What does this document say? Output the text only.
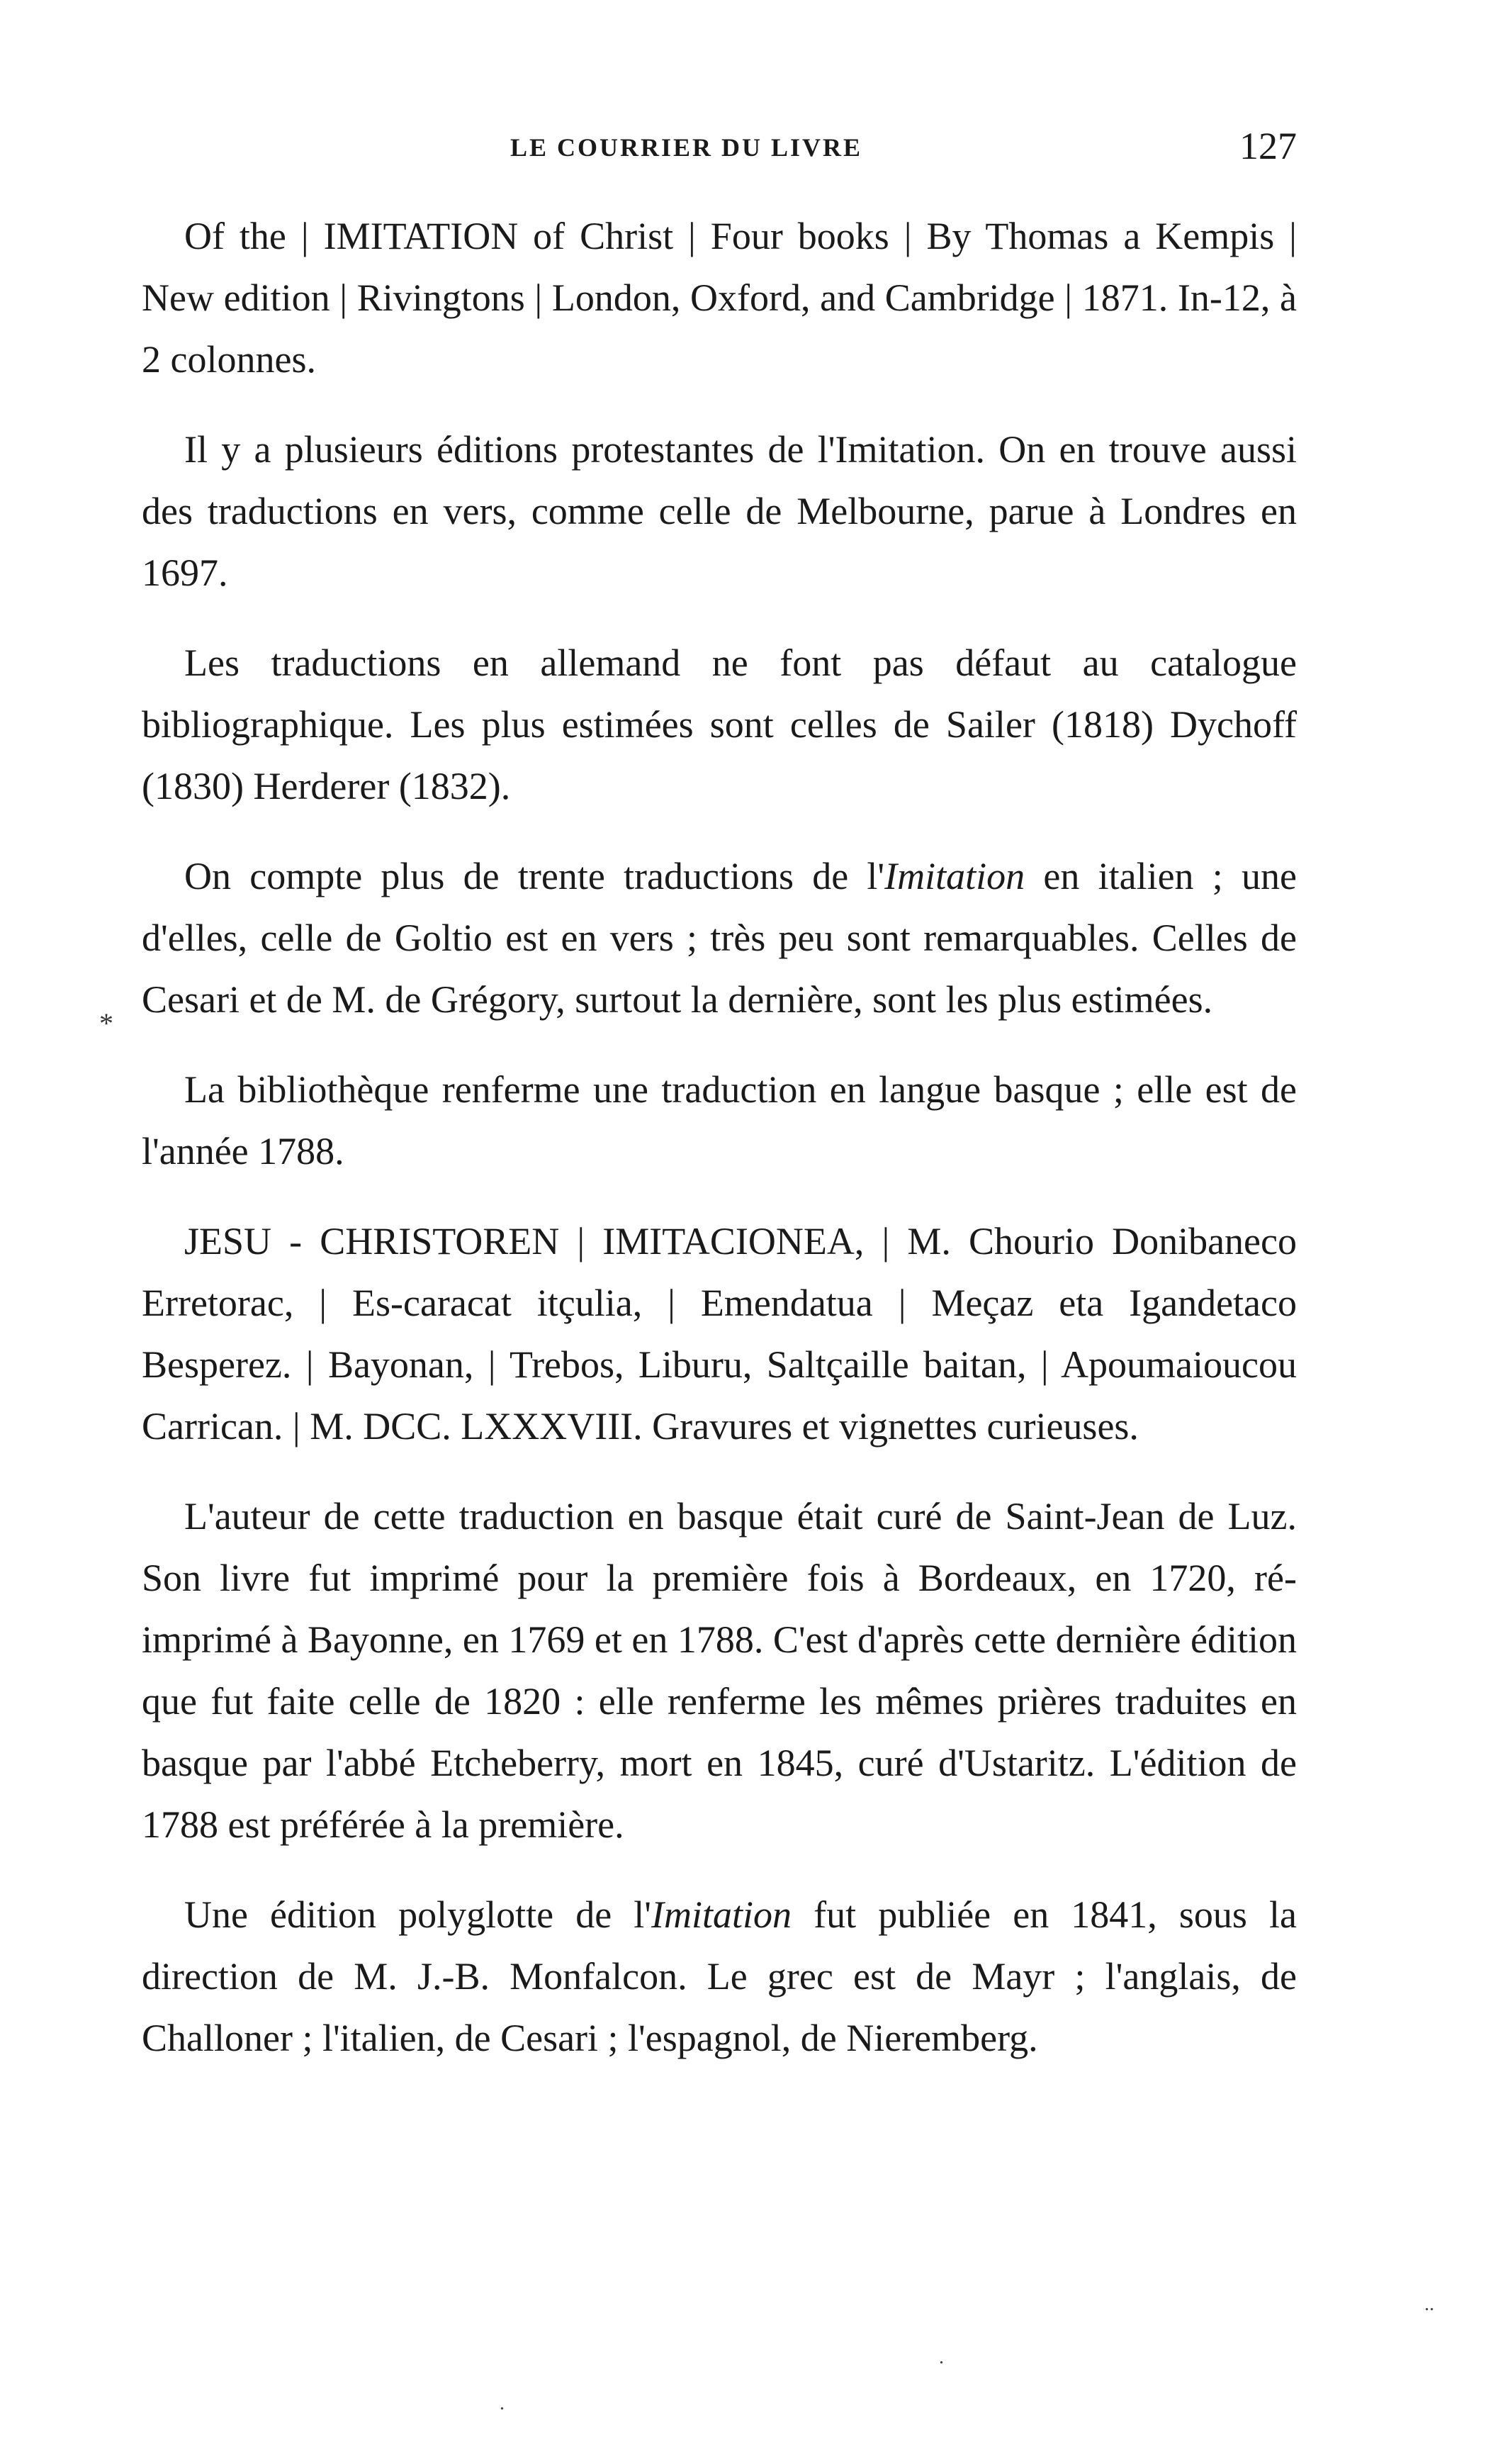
LE COURRIER DU LIVRE	127
*

Of the | IMITATION of Christ | Four books | By Thomas a Kempis | New edition | Rivingtons | London, Oxford, and Cambridge | 1871. In-12, à 2 colonnes.

Il y a plusieurs éditions protestantes de l'Imitation. On en trouve aussi des traductions en vers, comme celle de Melbourne, parue à Londres en 1697.

Les traductions en allemand ne font pas défaut au catalogue bibliographique. Les plus estimées sont celles de Sailer (1818) Dychoff (1830) Herderer (1832).

On compte plus de trente traductions de l'Imitation en italien ; une d'elles, celle de Goltio est en vers ; très peu sont remarquables. Celles de Cesari et de M. de Grégory, surtout la dernière, sont les plus estimées.

La bibliothèque renferme une traduction en langue basque ; elle est de l'année 1788.

JESU - CHRISTOREN | IMITACIONEA, | M. Chourio Donibaneco Erretorac, | Es-caracat itçulia, | Emendatua | Meçaz eta Igandetaco Besperez. | Bayonan, | Trebos, Liburu, Saltçaille baitan, | Apoumaioucou Carrican. | M. DCC. LXXXVIII. Gravures et vignettes curieuses.

L'auteur de cette traduction en basque était curé de Saint-Jean de Luz. Son livre fut imprimé pour la première fois à Bordeaux, en 1720, ré-imprimé à Bayonne, en 1769 et en 1788. C'est d'après cette dernière édition que fut faite celle de 1820 : elle renferme les mêmes prières traduites en basque par l'abbé Etcheberry, mort en 1845, curé d'Ustaritz. L'édition de 1788 est préférée à la première.

Une édition polyglotte de l'Imitation fut publiée en 1841, sous la direction de M. J.-B. Monfalcon. Le grec est de Mayr ; l'anglais, de Challoner ; l'italien, de Cesari ; l'espagnol, de Nieremberg.

..
.
.
